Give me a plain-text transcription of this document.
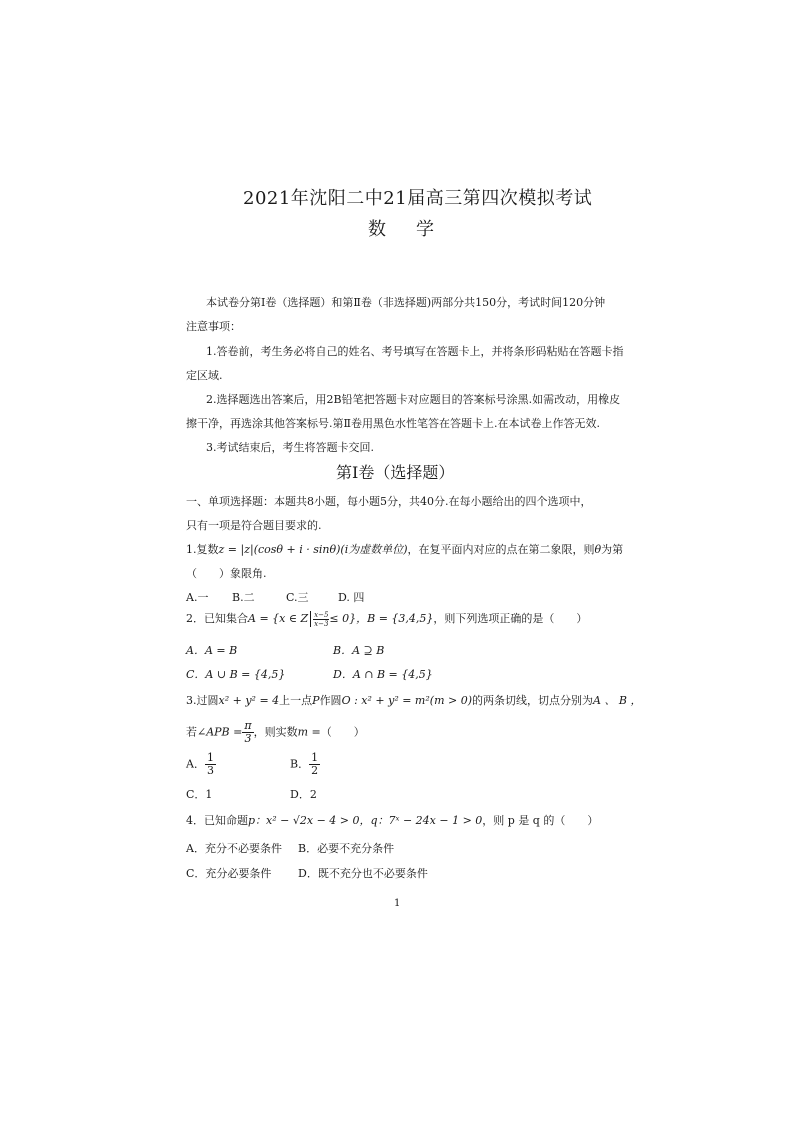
2021年沈阳二中21届高三第四次模拟考试
数 学
本试卷分第Ⅰ卷（选择题）和第Ⅱ卷（非选择题)两部分共150分，考试时间120分钟
注意事项：
1.答卷前，考生务必将自己的姓名、考号填写在答题卡上，并将条形码粘贴在答题卡指
定区域.
2.选择题选出答案后，用2B铅笔把答题卡对应题目的答案标号涂黑.如需改动，用橡皮
擦干净，再选涂其他答案标号.第Ⅱ卷用黑色水性笔答在答题卡上.在本试卷上作答无效.
3.考试结束后，考生将答题卡交回.
第Ⅰ卷（选择题）
一、单项选择题：本题共8小题，每小题5分，共40分.在每小题给出的四个选项中，
只有一项是符合题目要求的.
1.复数z = |z|(cosθ + i · sinθ)(i为虚数单位)，在复平面内对应的点在第二象限，则θ为第
（　　）象限角.
A.一 B.二	C.三	D. 四
2．已知集合A = {x ∈ Z $\frac{x-5}{x-3} \le 0$}，B = {3,4,5}，则下列选项正确的是（　　）
A．A = B	B．A ⊇ B
C．A ∪ B = {4,5}	D．A ∩ B = {4,5}
3.过圆x² + y² = 4上一点P作圆O : x² + y² = m²(m > 0)的两条切线，切点分别为A 、 B ，
若∠APB = $\frac{\pi}{3}$ ，则实数m =（　　）
A． $\frac{1}{3}$	B． $\frac{1}{2}$
C．1	D．2
4．已知命题p：x² − √2x − 4 > 0，q：7ˣ − 24x − 1 > 0，则 p 是 q 的（　　）
A．充分不必要条件 B．必要不充分条件
C．充分必要条件 D．既不充分也不必要条件
1
